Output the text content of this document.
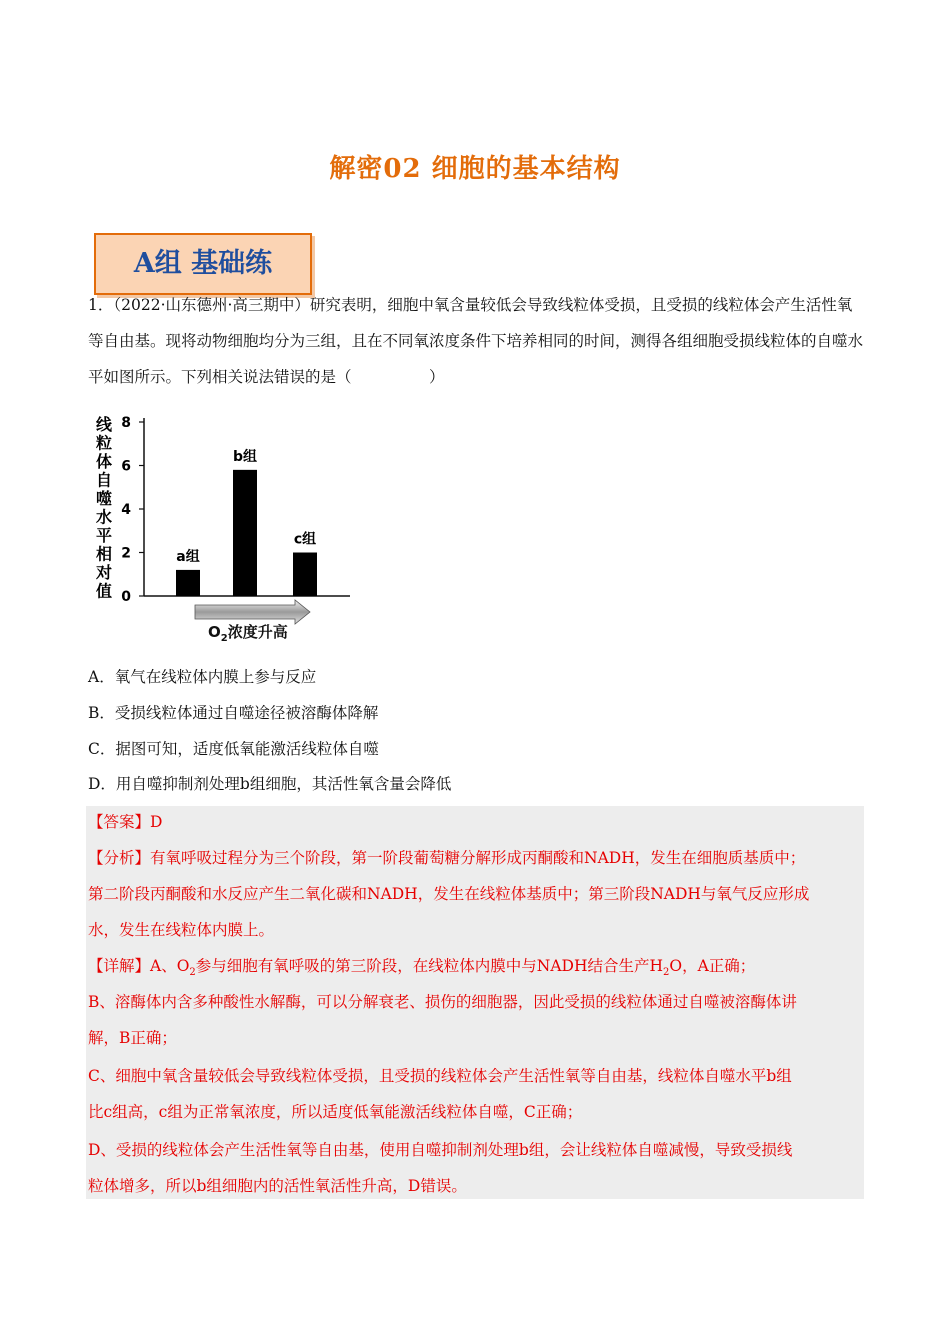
解密02 细胞的基本结构
A组 基础练
1．（2022·山东德州·高三期中）研究表明，细胞中氧含量较低会导致线粒体受损，且受损的线粒体会产生活性氧等自由基。现将动物细胞均分为三组，且在不同氧浓度条件下培养相同的时间，测得各组细胞受损线粒体的自噬水平如图所示。下列相关说法错误的是（　　　　　）
线
粒
体
自
噬
水
平
相
对
值 0
2
4
6
8
a组
b组
c组
$O_2$浓度升高
A．氧气在线粒体内膜上参与反应
B．受损线粒体通过自噬途径被溶酶体降解
C．据图可知，适度低氧能激活线粒体自噬
D．用自噬抑制剂处理b组细胞，其活性氧含量会降低
【答案】D
【分析】有氧呼吸过程分为三个阶段，第一阶段葡萄糖分解形成丙酮酸和NADH，发生在细胞质基质中；
第二阶段丙酮酸和水反应产生二氧化碳和NADH，发生在线粒体基质中；第三阶段NADH与氧气反应形成
水，发生在线粒体内膜上。
【详解】A、$O_2$参与细胞有氧呼吸的第三阶段，在线粒体内膜中与NADH结合生产$H_2O$，A正确；
B、溶酶体内含多种酸性水解酶，可以分解衰老、损伤的细胞器，因此受损的线粒体通过自噬被溶酶体讲
解，B正确；
C、细胞中氧含量较低会导致线粒体受损，且受损的线粒体会产生活性氧等自由基，线粒体自噬水平b组
比c组高，c组为正常氧浓度，所以适度低氧能激活线粒体自噬，C正确；
D、受损的线粒体会产生活性氧等自由基，使用自噬抑制剂处理b组，会让线粒体自噬减慢，导致受损线
粒体增多，所以b组细胞内的活性氧活性升高，D错误。
